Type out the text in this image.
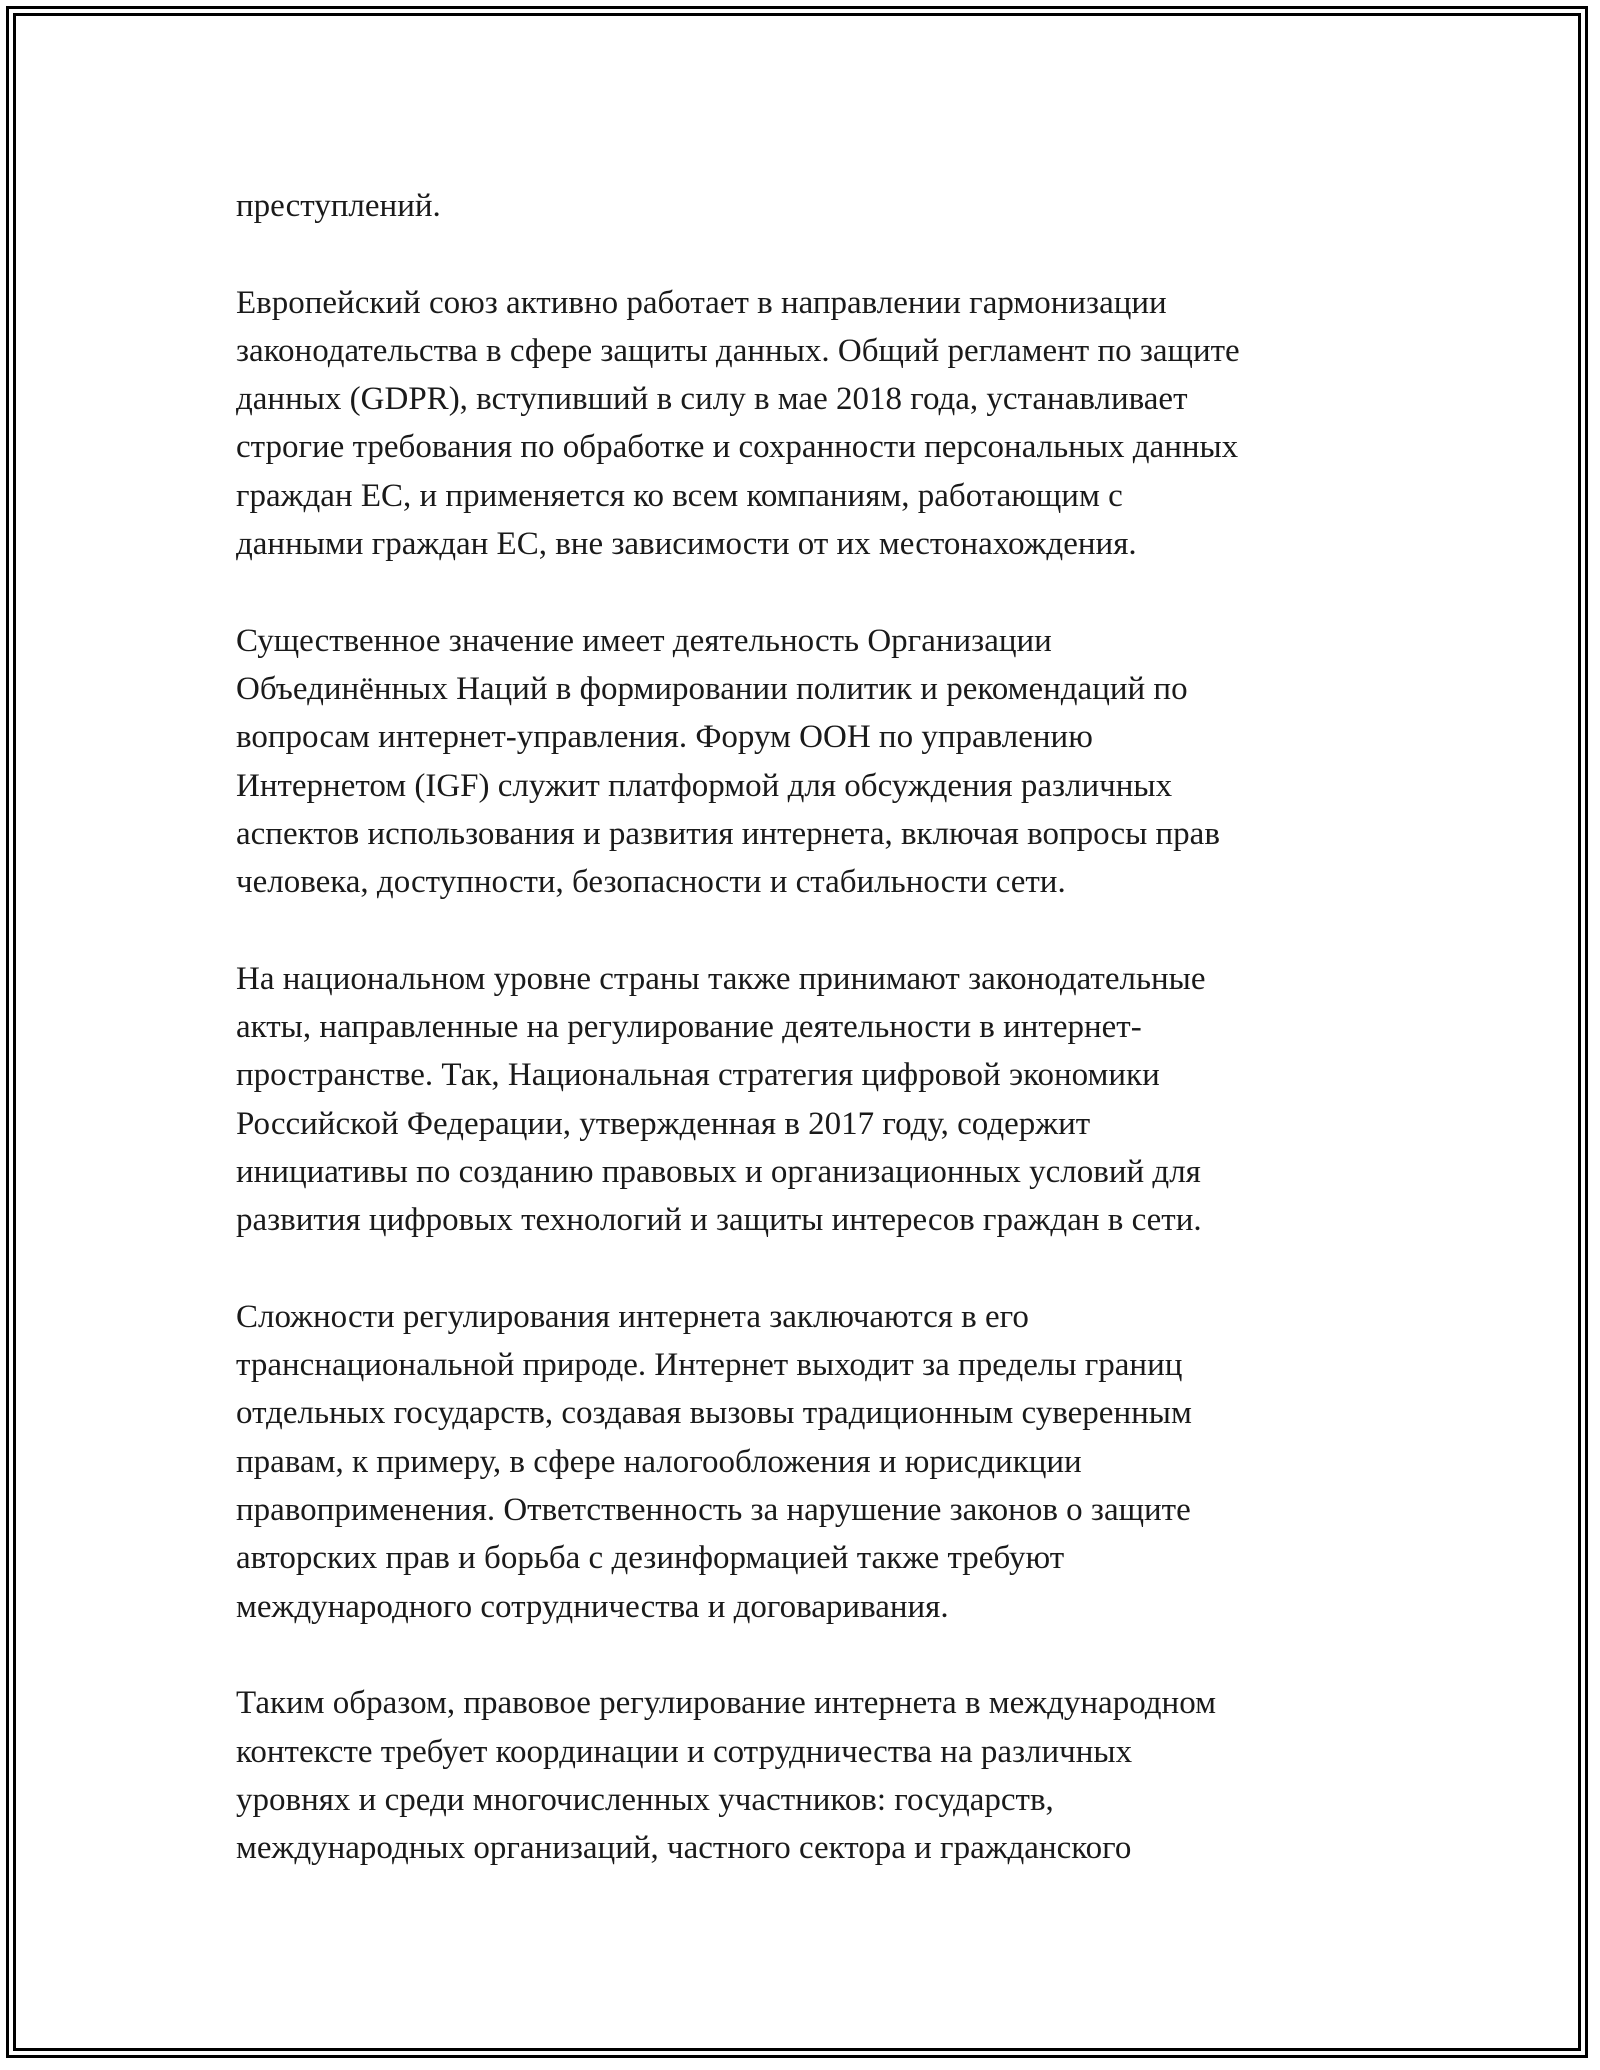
преступлений.
Европейский союз активно работает в направлении гармонизации
законодательства в сфере защиты данных. Общий регламент по защите
данных (GDPR), вступивший в силу в мае 2018 года, устанавливает
строгие требования по обработке и сохранности персональных данных
граждан ЕС, и применяется ко всем компаниям, работающим с
данными граждан ЕС, вне зависимости от их местонахождения.
Существенное значение имеет деятельность Организации
Объединённых Наций в формировании политик и рекомендаций по
вопросам интернет-управления. Форум ООН по управлению
Интернетом (IGF) служит платформой для обсуждения различных
аспектов использования и развития интернета, включая вопросы прав
человека, доступности, безопасности и стабильности сети.
На национальном уровне страны также принимают законодательные
акты, направленные на регулирование деятельности в интернет-
пространстве. Так, Национальная стратегия цифровой экономики
Российской Федерации, утвержденная в 2017 году, содержит
инициативы по созданию правовых и организационных условий для
развития цифровых технологий и защиты интересов граждан в сети.
Сложности регулирования интернета заключаются в его
транснациональной природе. Интернет выходит за пределы границ
отдельных государств, создавая вызовы традиционным суверенным
правам, к примеру, в сфере налогообложения и юрисдикции
правоприменения. Ответственность за нарушение законов о защите
авторских прав и борьба с дезинформацией также требуют
международного сотрудничества и договаривания.
Таким образом, правовое регулирование интернета в международном
контексте требует координации и сотрудничества на различных
уровнях и среди многочисленных участников: государств,
международных организаций, частного сектора и гражданского
